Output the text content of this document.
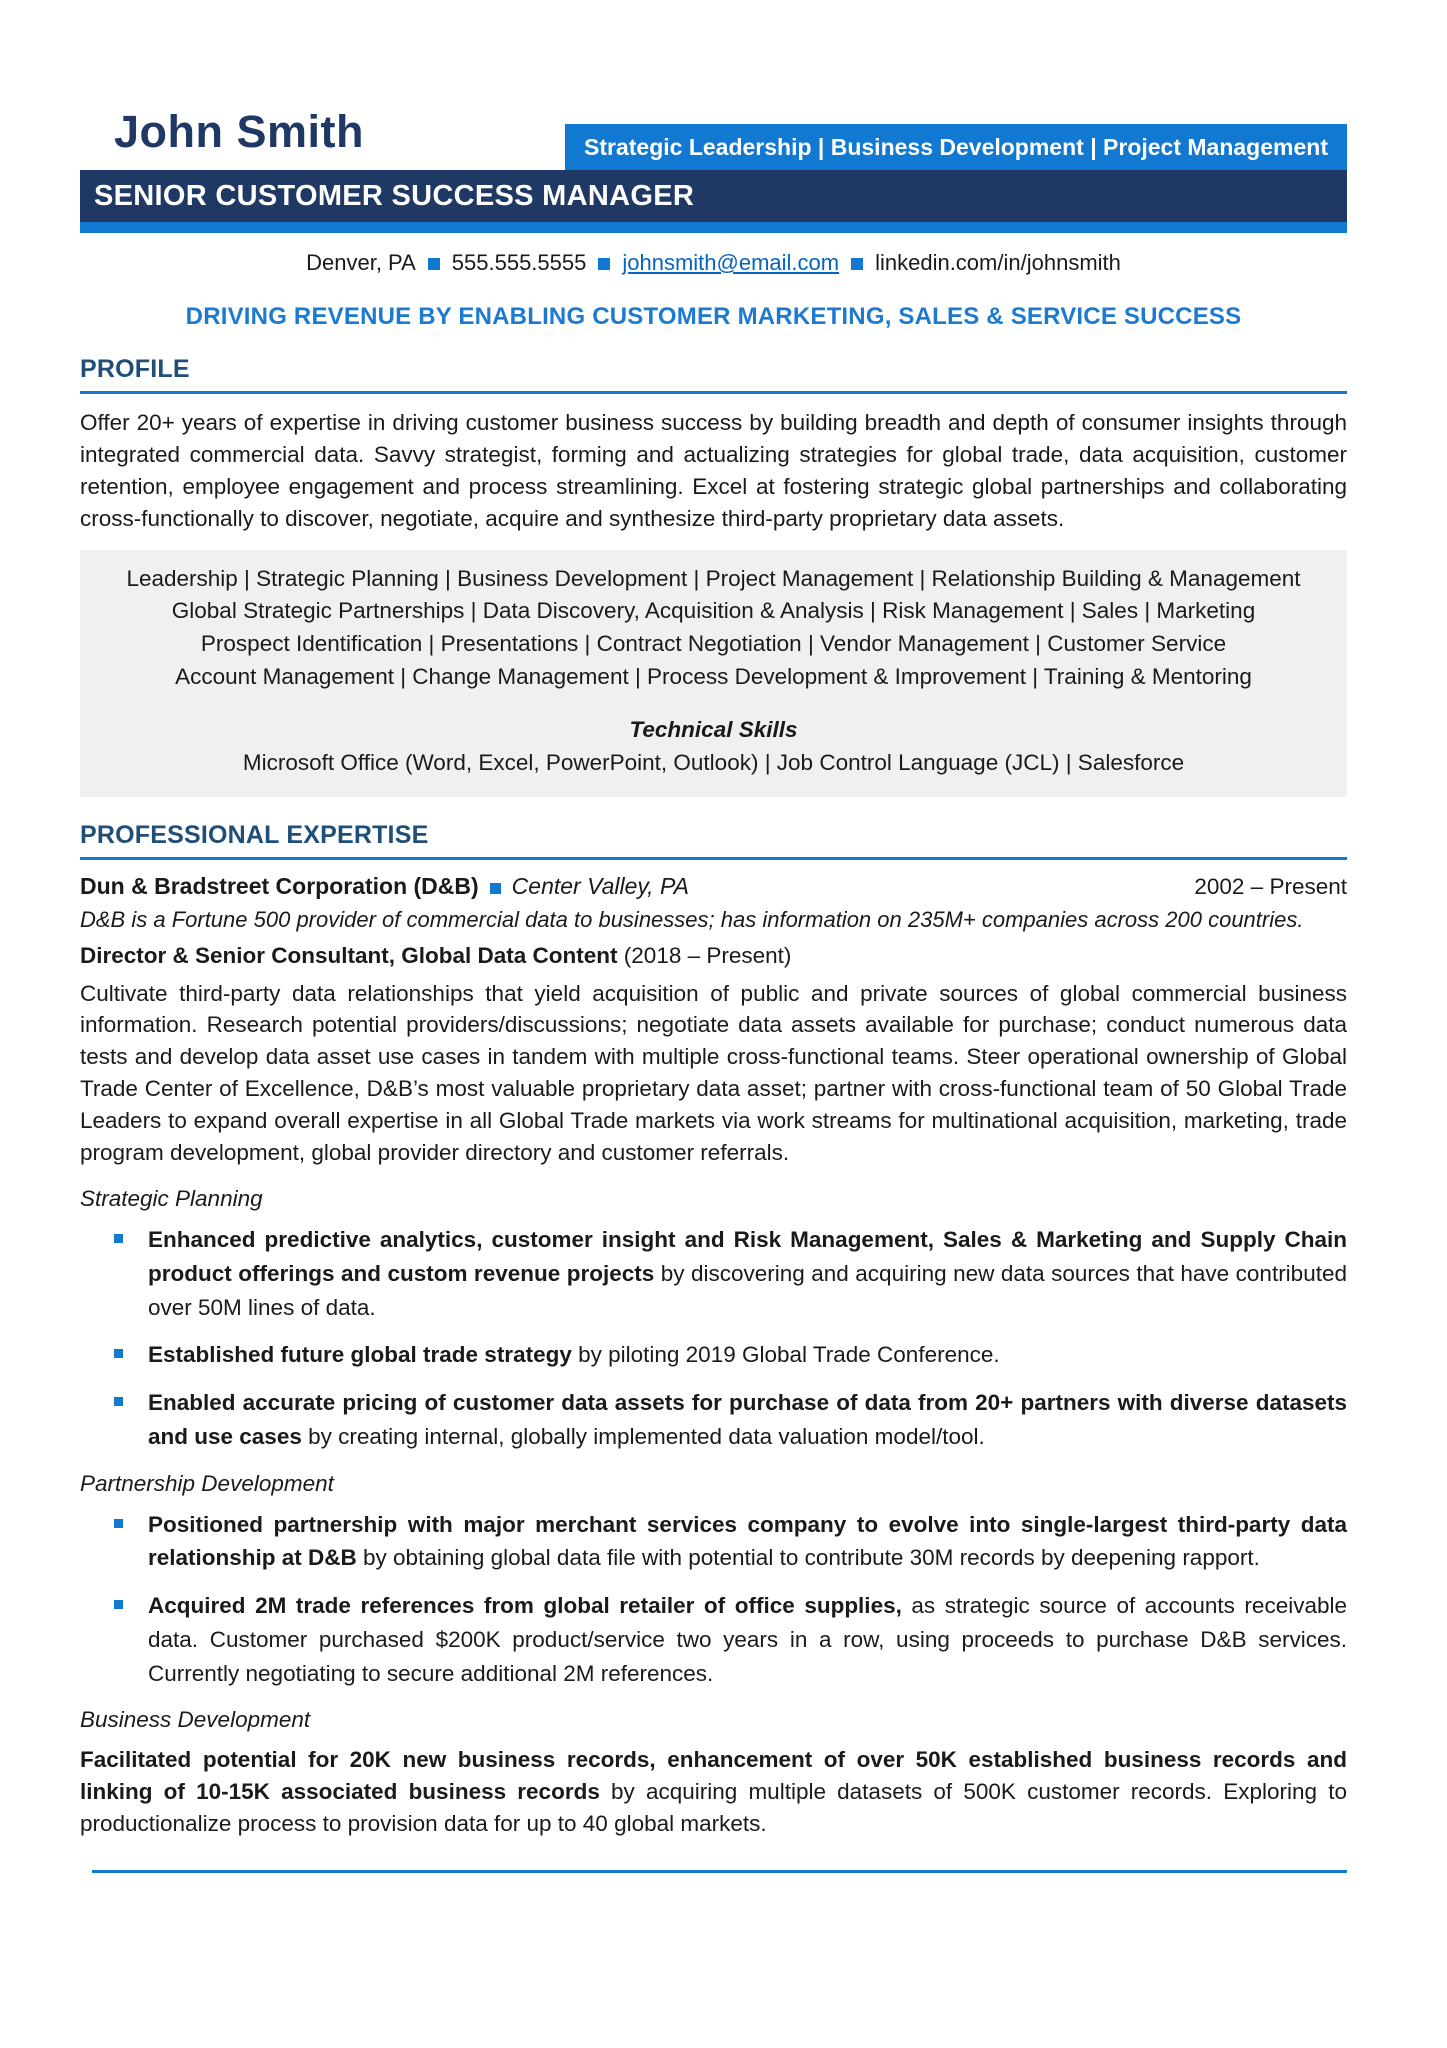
John Smith	Strategic Leadership | Business Development | Project Management
SENIOR CUSTOMER SUCCESS MANAGER
Denver, PA 555.555.5555 johnsmith@email.com linkedin.com/in/johnsmith
DRIVING REVENUE BY ENABLING CUSTOMER MARKETING, SALES & SERVICE SUCCESS
PROFILE

Offer 20+ years of expertise in driving customer business success by building breadth and depth of consumer insights through integrated commercial data. Savvy strategist, forming and actualizing strategies for global trade, data acquisition, customer retention, employee engagement and process streamlining. Excel at fostering strategic global partnerships and collaborating cross-functionally to discover, negotiate, acquire and synthesize third-party proprietary data assets.

Leadership | Strategic Planning | Business Development | Project Management | Relationship Building & Management
Global Strategic Partnerships | Data Discovery, Acquisition & Analysis | Risk Management | Sales | Marketing
Prospect Identification | Presentations | Contract Negotiation | Vendor Management | Customer Service
Account Management | Change Management | Process Development & Improvement | Training & Mentoring
Technical Skills
Microsoft Office (Word, Excel, PowerPoint, Outlook) | Job Control Language (JCL) | Salesforce
PROFESSIONAL EXPERTISE
Dun & Bradstreet Corporation (D&B) Center Valley, PA	2002 – Present

D&B is a Fortune 500 provider of commercial data to businesses; has information on 235M+ companies across 200 countries.

Director & Senior Consultant, Global Data Content (2018 – Present)

Cultivate third-party data relationships that yield acquisition of public and private sources of global commercial business information. Research potential providers/discussions; negotiate data assets available for purchase; conduct numerous data tests and develop data asset use cases in tandem with multiple cross-functional teams. Steer operational ownership of Global Trade Center of Excellence, D&B’s most valuable proprietary data asset; partner with cross-functional team of 50 Global Trade Leaders to expand overall expertise in all Global Trade markets via work streams for multinational acquisition, marketing, trade program development, global provider directory and customer referrals.

Strategic Planning
Enhanced predictive analytics, customer insight and Risk Management, Sales & Marketing and Supply Chain product offerings and custom revenue projects by discovering and acquiring new data sources that have contributed over 50M lines of data.
Established future global trade strategy by piloting 2019 Global Trade Conference.
Enabled accurate pricing of customer data assets for purchase of data from 20+ partners with diverse datasets and use cases by creating internal, globally implemented data valuation model/tool.
Partnership Development
Positioned partnership with major merchant services company to evolve into single-largest third-party data relationship at D&B by obtaining global data file with potential to contribute 30M records by deepening rapport.
Acquired 2M trade references from global retailer of office supplies, as strategic source of accounts receivable data. Customer purchased $200K product/service two years in a row, using proceeds to purchase D&B services. Currently negotiating to secure additional 2M references.
Business Development

Facilitated potential for 20K new business records, enhancement of over 50K established business records and linking of 10-15K associated business records by acquiring multiple datasets of 500K customer records. Exploring to productionalize process to provision data for up to 40 global markets.
